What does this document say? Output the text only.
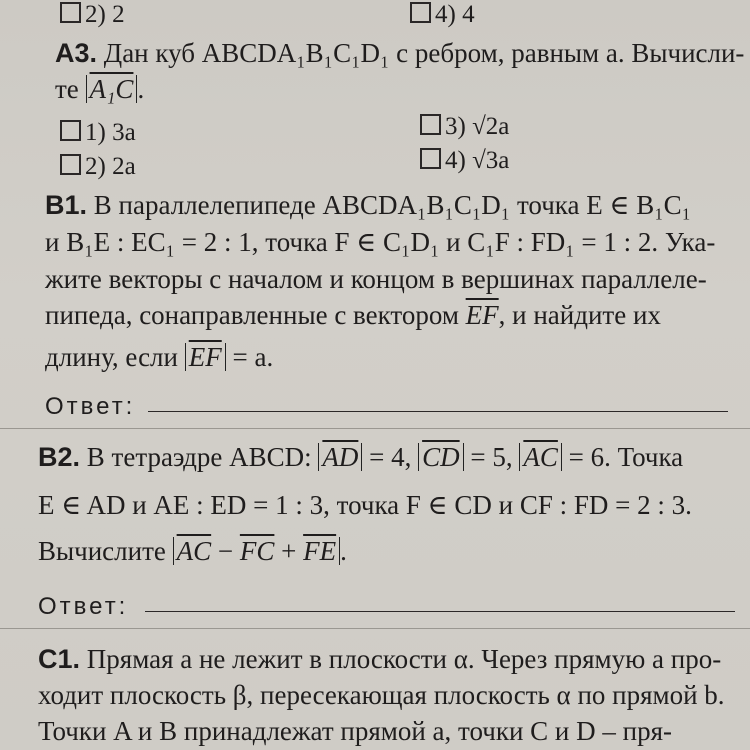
2) 2	4) 4
А3. Дан куб ABCDA₁B₁C₁D₁ с ребром, равным a. Вычисли-
те A₁C .
1) 3a	3) √2a
2) 2a	4) √3a
В1. В параллелепипеде ABCDA₁B₁C₁D₁ точка E ∈ B₁C₁
и B₁E : EC₁ = 2 : 1, точка F ∈ C₁D₁ и C₁F : FD₁ = 1 : 2. Ука-
жите векторы с началом и концом в вершинах параллеле-
пипеда, сонаправленные с вектором $\overline{EF}$, и найдите их
длину, если $\overline{EF} = a$.
Ответ:
В2. В тетраэдре ABCD: $\overline{AD} = 4$, $\overline{CD} = 5$, $\overline{AC} = 6$. Точка
E ∈ AD и AE : ED = 1 : 3, точка F ∈ CD и CF : FD = 2 : 3.
Вычислите $\overline{AC} - \overline{FC} + \overline{FE}$ .
Ответ:
С1. Прямая a не лежит в плоскости α. Через прямую a про-
ходит плоскость β, пересекающая плоскость α по прямой b.
Точки A и B принадлежат прямой a, точки C и D – пря-
